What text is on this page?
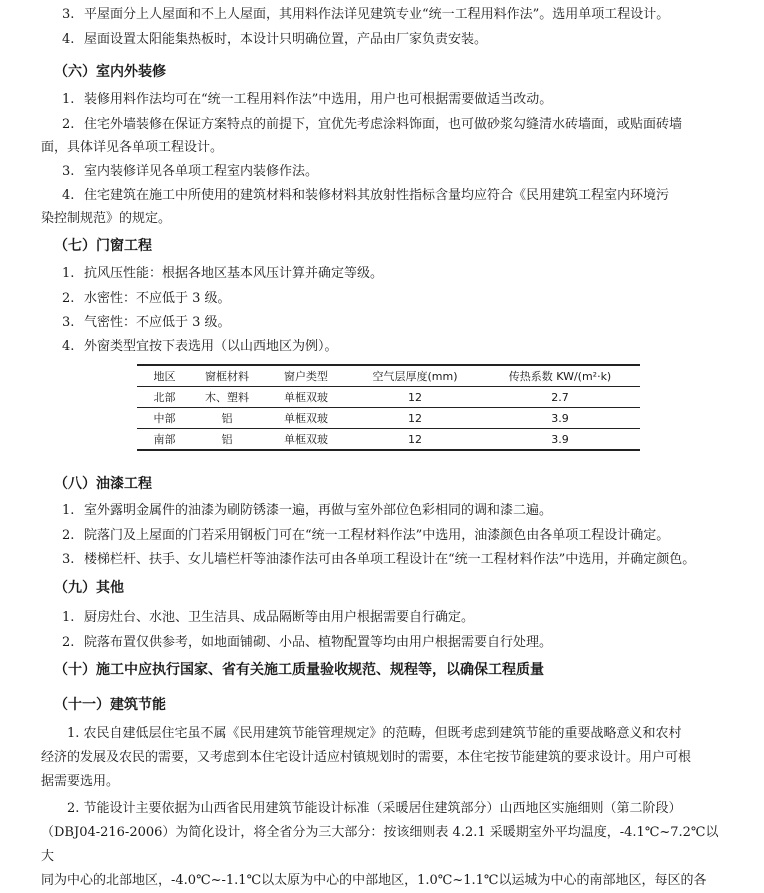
3. 平屋面分上人屋面和不上人屋面，其用料作法详见建筑专业“统一工程用料作法”。选用单项工程设计。
4. 屋面设置太阳能集热板时，本设计只明确位置，产品由厂家负责安装。
（六）室内外装修
1. 装修用料作法均可在“统一工程用料作法”中选用，用户也可根据需要做适当改动。
2. 住宅外墙装修在保证方案特点的前提下，宜优先考虑涂料饰面，也可做砂浆勾缝清水砖墙面，或贴面砖墙
面，具体详见各单项工程设计。
3. 室内装修详见各单项工程室内装修作法。
4. 住宅建筑在施工中所使用的建筑材料和装修材料其放射性指标含量均应符合《民用建筑工程室内环境污
染控制规范》的规定。
（七）门窗工程
1. 抗风压性能：根据各地区基本风压计算并确定等级。
2. 水密性：不应低于 3 级。
3. 气密性：不应低于 3 级。
4. 外窗类型宜按下表选用（以山西地区为例）。
地区	窗框材料	窗户类型	空气层厚度(mm)	传热系数 KW/(m²·k)
北部	木、塑料	单框双玻	12	2.7
中部	铝	单框双玻	12	3.9
南部	铝	单框双玻	12	3.9
（八）油漆工程
1. 室外露明金属件的油漆为刷防锈漆一遍，再做与室外部位色彩相同的调和漆二遍。
2. 院落门及上屋面的门若采用钢板门可在“统一工程材料作法”中选用，油漆颜色由各单项工程设计确定。
3. 楼梯栏杆、扶手、女儿墙栏杆等油漆作法可由各单项工程设计在“统一工程材料作法”中选用，并确定颜色。
（九）其他
1. 厨房灶台、水池、卫生洁具、成品隔断等由用户根据需要自行确定。
2. 院落布置仅供参考，如地面铺砌、小品、植物配置等均由用户根据需要自行处理。
（十）施工中应执行国家、省有关施工质量验收规范、规程等，以确保工程质量
（十一）建筑节能
1. 农民自建低层住宅虽不属《民用建筑节能管理规定》的范畴，但既考虑到建筑节能的重要战略意义和农村
经济的发展及农民的需要，又考虑到本住宅设计适应村镇规划时的需要，本住宅按节能建筑的要求设计。用户可根
据需要选用。
2. 节能设计主要依据为山西省民用建筑节能设计标准（采暖居住建筑部分）山西地区实施细则（第二阶段）
（DBJ04-216-2006）为简化设计，将全省分为三大部分：按该细则表 4.2.1 采暖期室外平均温度，-4.1℃~7.2℃以大
同为中心的北部地区，-4.0℃~-1.1℃以太原为中心的中部地区，1.0℃~1.1℃以运城为中心的南部地区，每区的各
